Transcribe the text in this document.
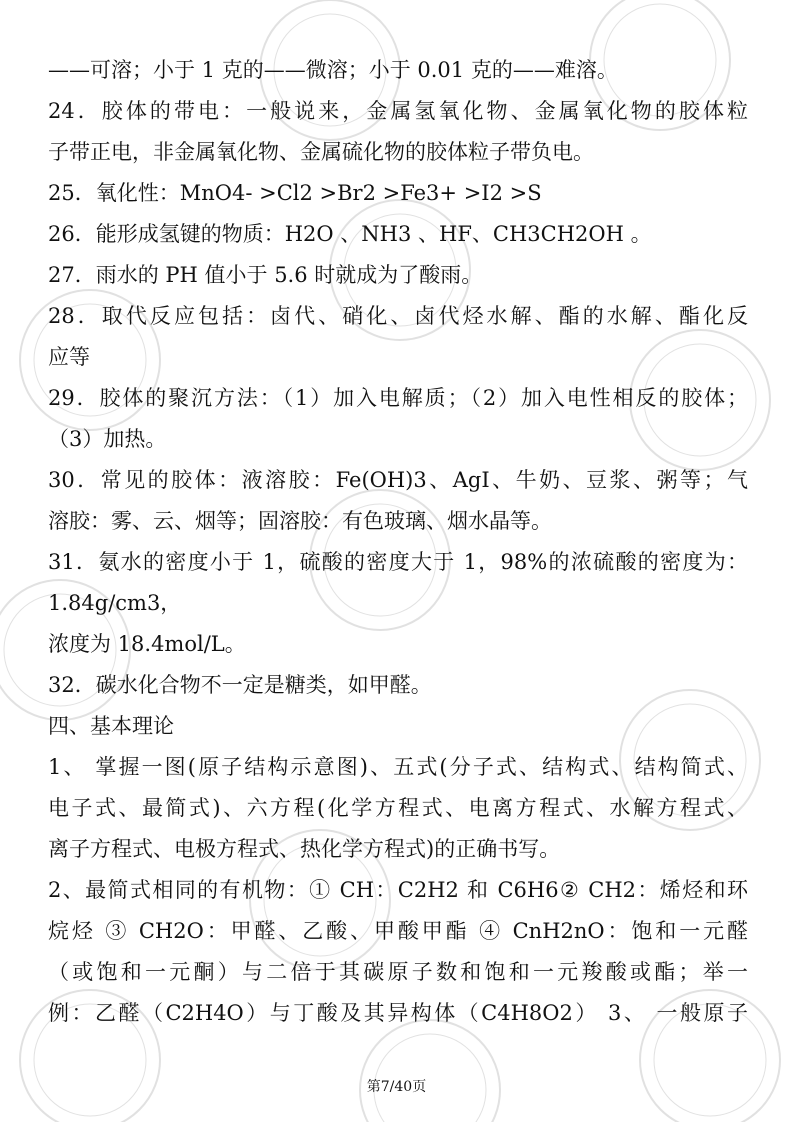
——可溶；小于 1 克的——微溶；小于 0.01 克的——难溶。
24．胶体的带电：一般说来，金属氢氧化物、金属氧化物的胶体粒
子带正电，非金属氧化物、金属硫化物的胶体粒子带负电。
25．氧化性：MnO4- >Cl2 >Br2 >Fe3+ >I2 >S
26．能形成氢键的物质：H2O 、NH3 、HF、CH3CH2OH 。
27．雨水的 PH 值小于 5.6 时就成为了酸雨。
28．取代反应包括：卤代、硝化、卤代烃水解、酯的水解、酯化反
应等
29．胶体的聚沉方法：（1）加入电解质；（2）加入电性相反的胶体；
（3）加热。
30．常见的胶体：液溶胶：Fe(OH)3、AgI、牛奶、豆浆、粥等；气
溶胶：雾、云、烟等；固溶胶：有色玻璃、烟水晶等。
31．氨水的密度小于 1，硫酸的密度大于 1，98%的浓硫酸的密度为：
1.84g/cm3，
浓度为 18.4mol/L。
32．碳水化合物不一定是糖类，如甲醛。
四、基本理论
1、 掌握一图(原子结构示意图)、五式(分子式、结构式、结构简式、
电子式、最简式)、六方程(化学方程式、电离方程式、水解方程式、
离子方程式、电极方程式、热化学方程式)的正确书写。
2、最简式相同的有机物：① CH：C2H2 和 C6H6② CH2：烯烃和环
烷烃 ③ CH2O：甲醛、乙酸、甲酸甲酯 ④ CnH2nO：饱和一元醛
（或饱和一元酮）与二倍于其碳原子数和饱和一元羧酸或酯；举一
例：乙醛（C2H4O）与丁酸及其异构体（C4H8O2） 3、 一般原子
第7/40页
